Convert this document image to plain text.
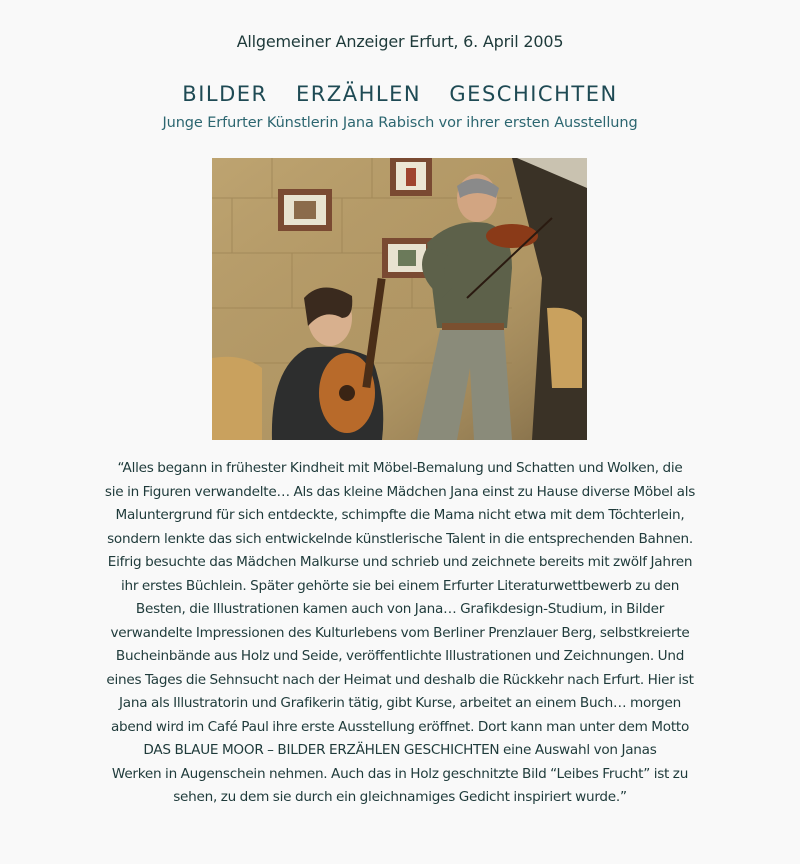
Allgemeiner Anzeiger Erfurt, 6. April 2005
BILDER  ERZÄHLEN  GESCHICHTEN
Junge Erfurter Künstlerin Jana Rabisch vor ihrer ersten Ausstellung
“Alles begann in frühester Kindheit mit Möbel-Bemalung und Schatten und Wolken, die
sie in Figuren verwandelte… Als das kleine Mädchen Jana einst zu Hause diverse Möbel als
Maluntergrund für sich entdeckte, schimpfte die Mama nicht etwa mit dem Töchterlein,
sondern lenkte das sich entwickelnde künstlerische Talent in die entsprechenden Bahnen.
Eifrig besuchte das Mädchen Malkurse und schrieb und zeichnete bereits mit zwölf Jahren
ihr erstes Büchlein. Später gehörte sie bei einem Erfurter Literaturwettbewerb zu den
Besten, die Illustrationen kamen auch von Jana… Grafikdesign-Studium, in Bilder
verwandelte Impressionen des Kulturlebens vom Berliner Prenzlauer Berg, selbstkreierte
Bucheinbände aus Holz und Seide, veröffentlichte Illustrationen und Zeichnungen. Und
eines Tages die Sehnsucht nach der Heimat und deshalb die Rückkehr nach Erfurt. Hier ist
Jana als Illustratorin und Grafikerin tätig, gibt Kurse, arbeitet an einem Buch… morgen
abend wird im Café Paul ihre erste Ausstellung eröffnet. Dort kann man unter dem Motto
DAS BLAUE MOOR – BILDER ERZÄHLEN GESCHICHTEN eine Auswahl von Janas
Werken in Augenschein nehmen. Auch das in Holz geschnitzte Bild “Leibes Frucht” ist zu
sehen, zu dem sie durch ein gleichnamiges Gedicht inspiriert wurde.”
